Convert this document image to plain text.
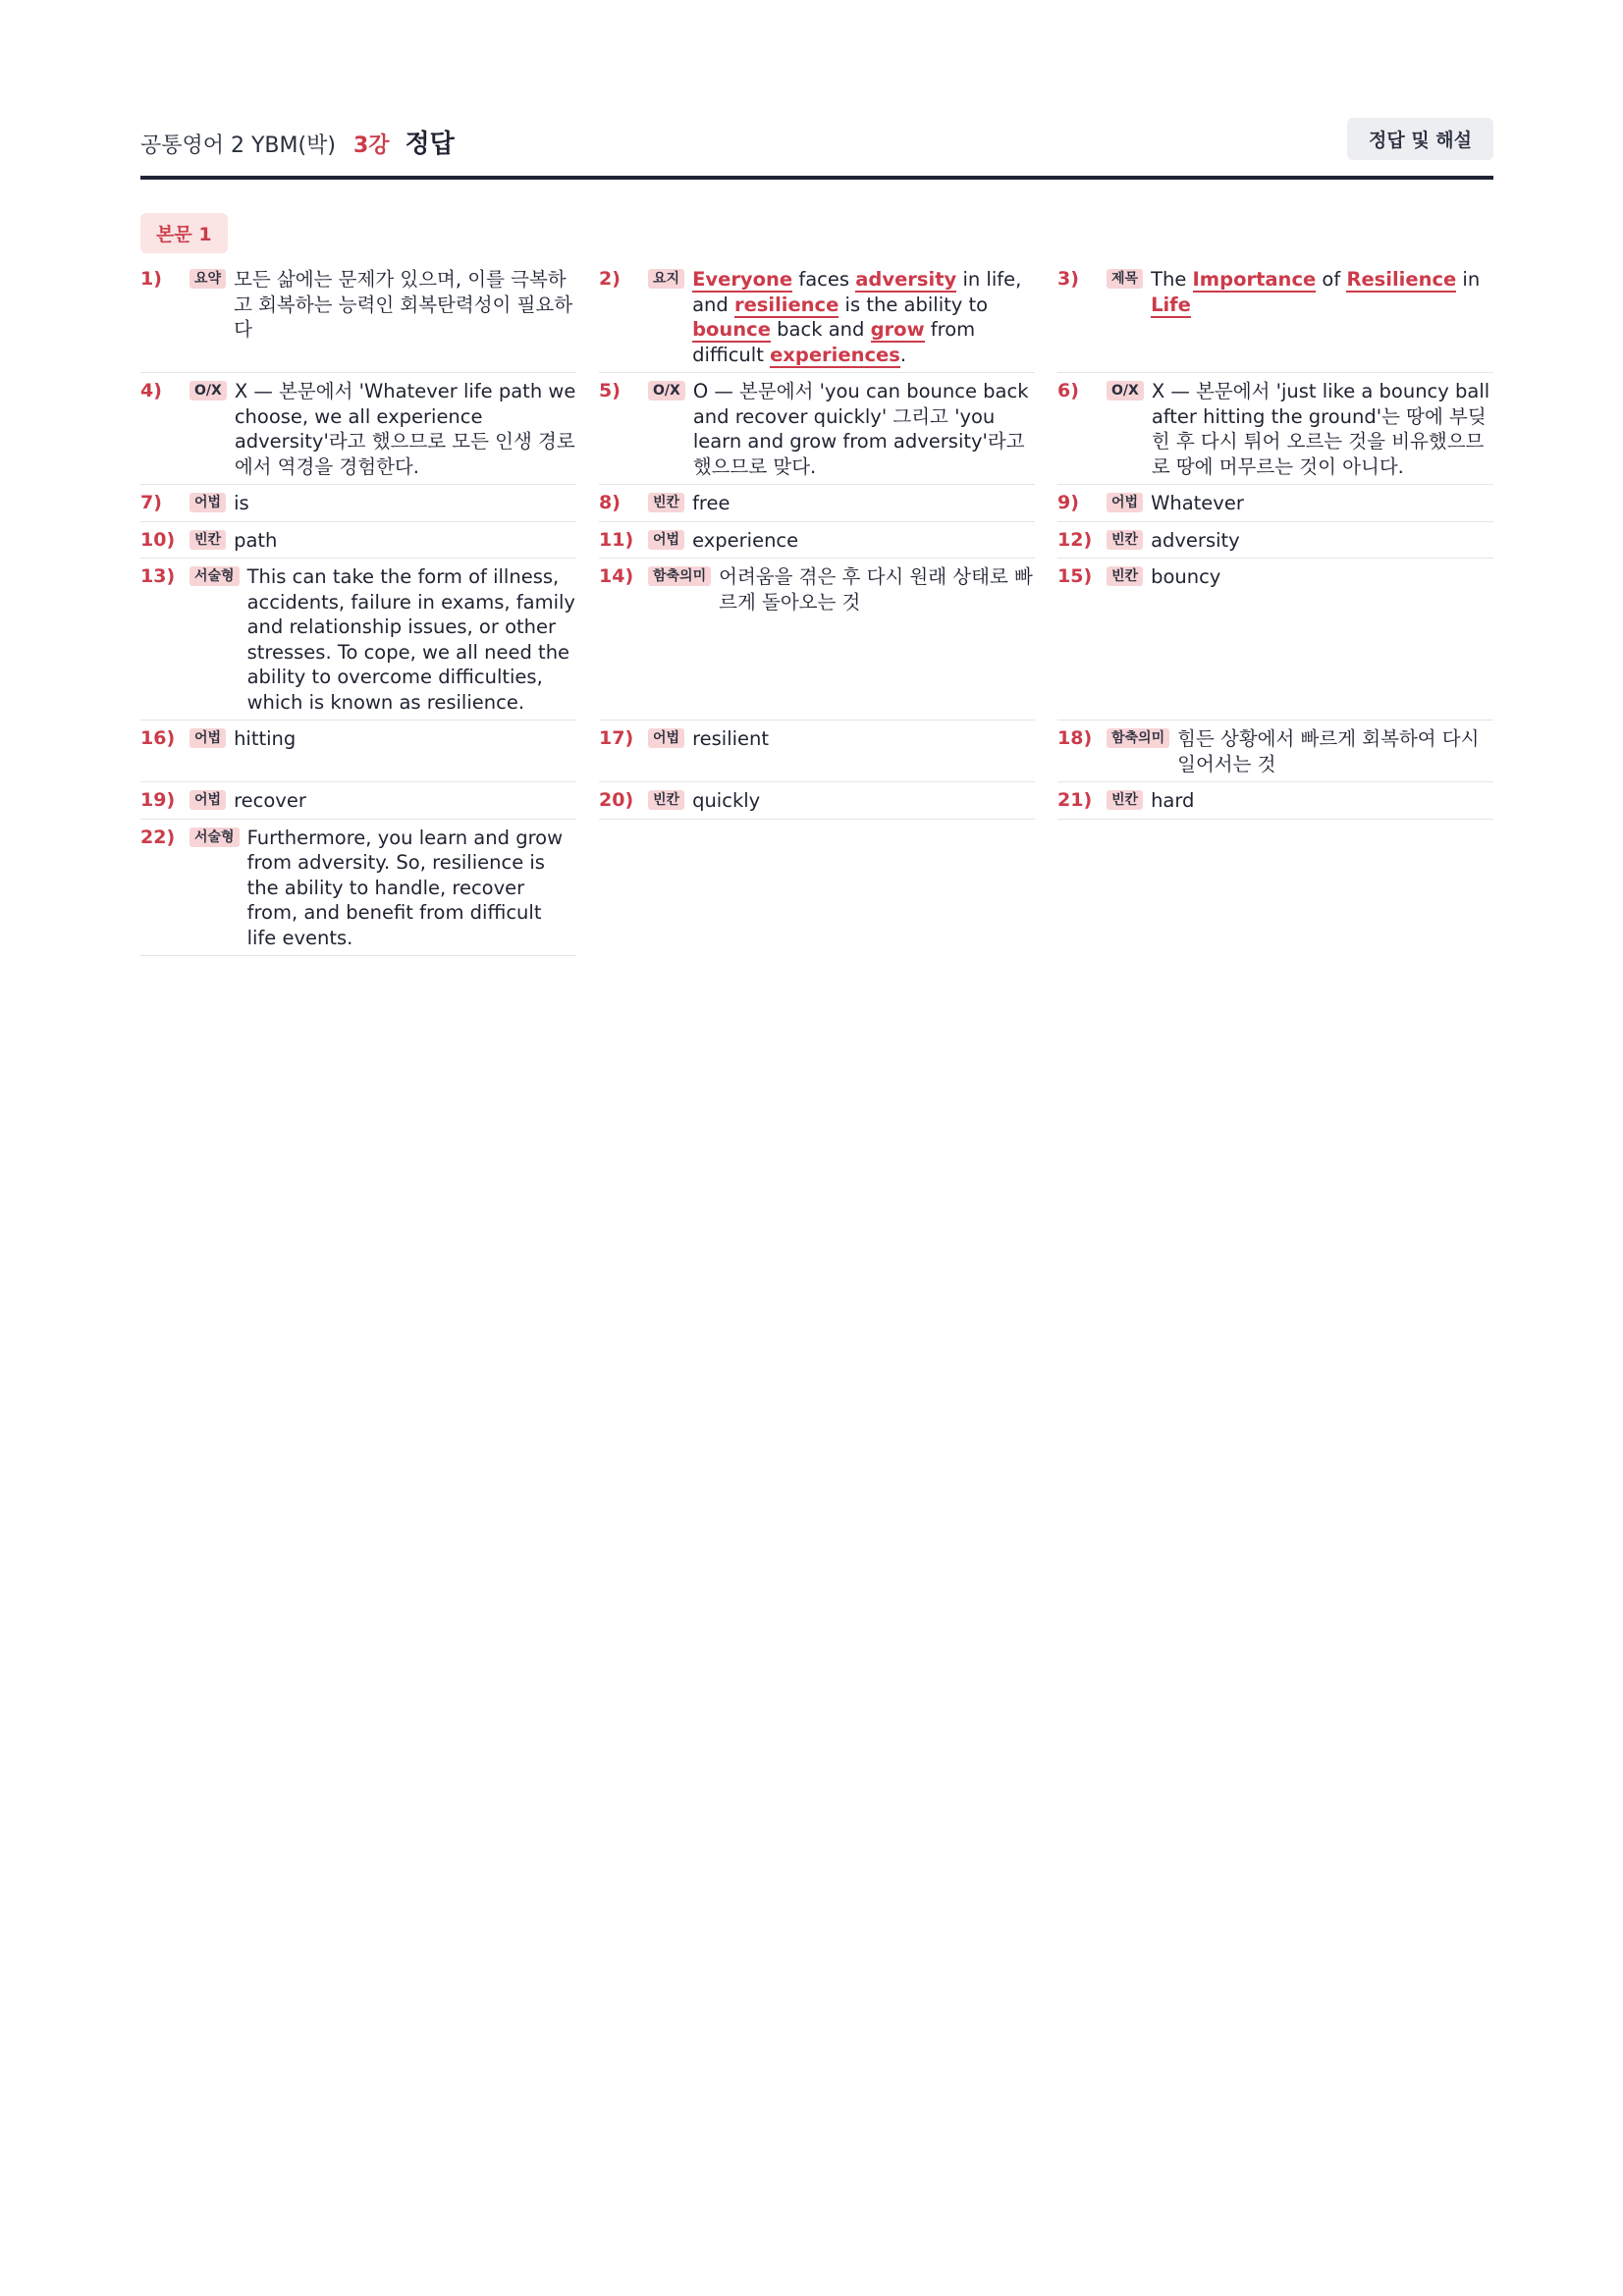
공통영어 2 YBM(박) 3강 정답	정답 및 해설
본문 1
1)	요약 모든 삶에는 문제가 있으며, 이를 극복하고 회복하는 능력인 회복탄력성이 필요하다
2)	요지 Everyone faces adversity in life, and resilience is the ability to bounce back and grow from difficult experiences.
3)	제목 The Importance of Resilience in Life
4)	O/X X — 본문에서 'Whatever life path we choose, we all experience adversity'라고 했으므로 모든 인생 경로에서 역경을 경험한다.
5)	O/X O — 본문에서 'you can bounce back and recover quickly' 그리고 'you learn and grow from adversity'라고 했으므로 맞다.
6)	O/X X — 본문에서 'just like a bouncy ball after hitting the ground'는 땅에 부딪힌 후 다시 튀어 오르는 것을 비유했으므로 땅에 머무르는 것이 아니다.
7)	어법 is	8)	빈칸 free	9)	어법 Whatever
10)	빈칸 path	11)	어법 experience	12)	빈칸 adversity
13)	서술형 This can take the form of illness, accidents, failure in exams, family and relationship issues, or other stresses. To cope, we all need the ability to overcome difficulties, which is known as resilience.
14)	함축의미 어려움을 겪은 후 다시 원래 상태로 빠르게 돌아오는 것
15)	빈칸 bouncy
16)	어법 hitting	17)	어법 resilient	18)	함축의미 힘든 상황에서 빠르게 회복하여 다시 일어서는 것
19)	어법 recover	20)	빈칸 quickly	21)	빈칸 hard
22)	서술형 Furthermore, you learn and grow from adversity. So, resilience is the ability to handle, recover from, and benefit from difficult life events.
